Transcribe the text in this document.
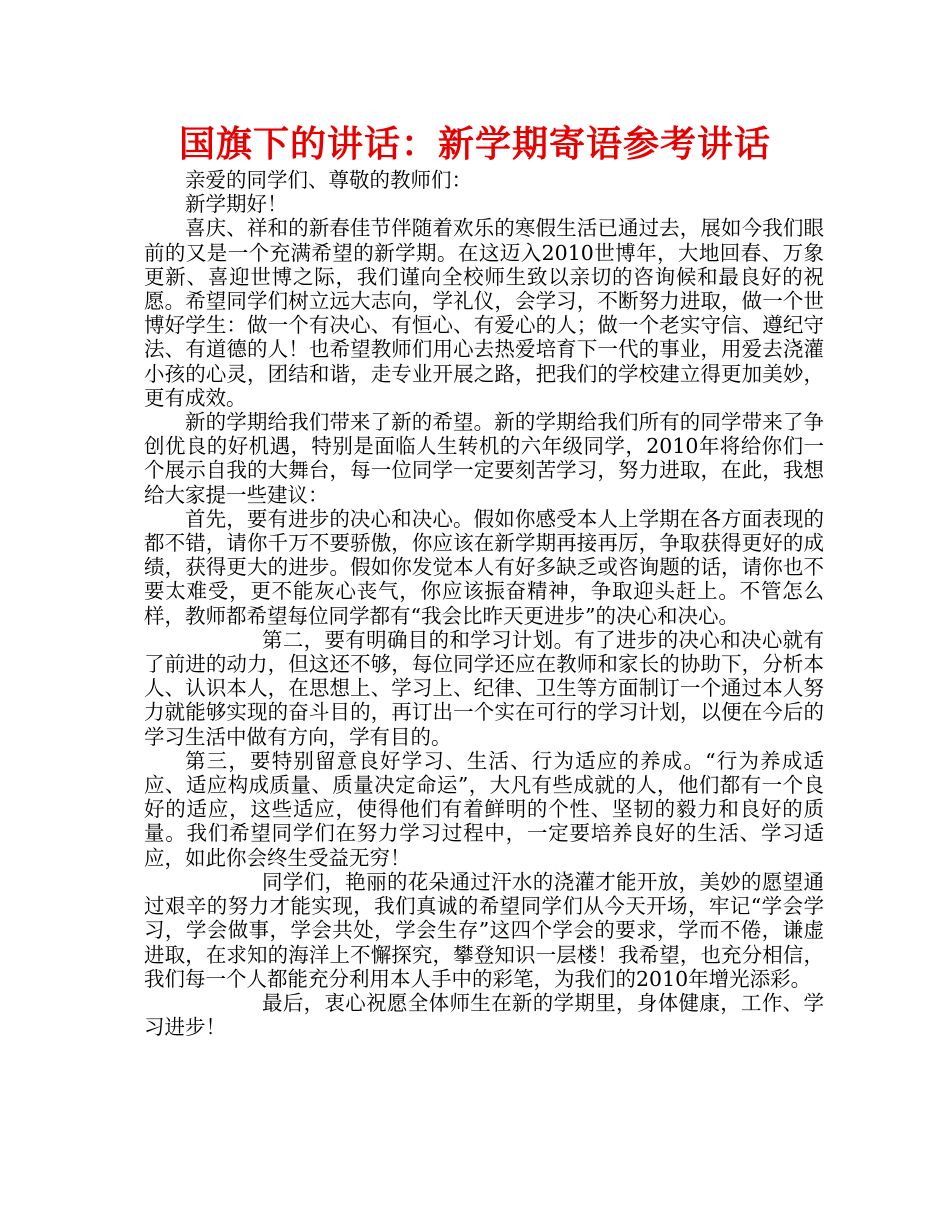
国旗下的讲话：新学期寄语参考讲话

亲爱的同学们、尊敬的教师们：

新学期好！

喜庆、祥和的新春佳节伴随着欢乐的寒假生活已通过去，展如今我们眼前的又是一个充满希望的新学期。在这迈入2010世博年，大地回春、万象更新、喜迎世博之际，我们谨向全校师生致以亲切的咨询候和最良好的祝愿。希望同学们树立远大志向，学礼仪，会学习，不断努力进取，做一个世博好学生：做一个有决心、有恒心、有爱心的人；做一个老实守信、遵纪守法、有道德的人！也希望教师们用心去热爱培育下一代的事业，用爱去浇灌小孩的心灵，团结和谐，走专业开展之路，把我们的学校建立得更加美妙，更有成效。

新的学期给我们带来了新的希望。新的学期给我们所有的同学带来了争创优良的好机遇，特别是面临人生转机的六年级同学，2010年将给你们一个展示自我的大舞台，每一位同学一定要刻苦学习，努力进取，在此，我想给大家提一些建议：

首先，要有进步的决心和决心。假如你感受本人上学期在各方面表现的都不错，请你千万不要骄傲，你应该在新学期再接再厉，争取获得更好的成绩，获得更大的进步。假如你发觉本人有好多缺乏或咨询题的话，请你也不要太难受，更不能灰心丧气，你应该振奋精神，争取迎头赶上。不管怎么样，教师都希望每位同学都有“我会比昨天更进步”的决心和决心。

第二，要有明确目的和学习计划。有了进步的决心和决心就有了前进的动力，但这还不够，每位同学还应在教师和家长的协助下，分析本人、认识本人，在思想上、学习上、纪律、卫生等方面制订一个通过本人努力就能够实现的奋斗目的，再订出一个实在可行的学习计划，以便在今后的学习生活中做有方向，学有目的。

第三，要特别留意良好学习、生活、行为适应的养成。“行为养成适应、适应构成质量、质量决定命运”，大凡有些成就的人，他们都有一个良好的适应，这些适应，使得他们有着鲜明的个性、坚韧的毅力和良好的质量。我们希望同学们在努力学习过程中，一定要培养良好的生活、学习适应，如此你会终生受益无穷！

同学们，艳丽的花朵通过汗水的浇灌才能开放，美妙的愿望通过艰辛的努力才能实现，我们真诚的希望同学们从今天开场，牢记“学会学习，学会做事，学会共处，学会生存”这四个学会的要求，学而不倦，谦虚进取，在求知的海洋上不懈探究，攀登知识一层楼！我希望，也充分相信，我们每一个人都能充分利用本人手中的彩笔，为我们的2010年增光添彩。

最后，衷心祝愿全体师生在新的学期里，身体健康，工作、学习进步！
